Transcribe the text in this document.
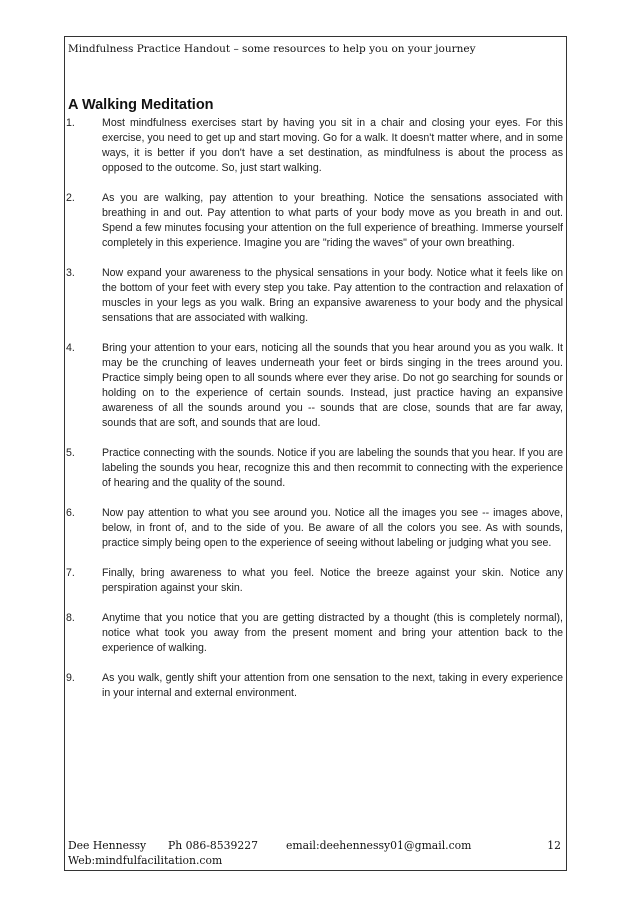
Mindfulness Practice Handout – some resources to help you on your journey
A Walking Meditation
1.	Most mindfulness exercises start by having you sit in a chair and closing your eyes. For this exercise, you need to get up and start moving. Go for a walk. It doesn't matter where, and in some ways, it is better if you don't have a set destination, as mindfulness is about the process as opposed to the outcome. So, just start walking.
2.	As you are walking, pay attention to your breathing. Notice the sensations associated with breathing in and out. Pay attention to what parts of your body move as you breath in and out. Spend a few minutes focusing your attention on the full experience of breathing. Immerse yourself completely in this experience. Imagine you are "riding the waves" of your own breathing.
3.	Now expand your awareness to the physical sensations in your body. Notice what it feels like on the bottom of your feet with every step you take. Pay attention to the contraction and relaxation of muscles in your legs as you walk. Bring an expansive awareness to your body and the physical sensations that are associated with walking.
4.	Bring your attention to your ears, noticing all the sounds that you hear around you as you walk. It may be the crunching of leaves underneath your feet or birds singing in the trees around you. Practice simply being open to all sounds where ever they arise. Do not go searching for sounds or holding on to the experience of certain sounds. Instead, just practice having an expansive awareness of all the sounds around you -- sounds that are close, sounds that are far away, sounds that are soft, and sounds that are loud.
5.	Practice connecting with the sounds. Notice if you are labeling the sounds that you hear. If you are labeling the sounds you hear, recognize this and then recommit to connecting with the experience of hearing and the quality of the sound.
6.	Now pay attention to what you see around you. Notice all the images you see -- images above, below, in front of, and to the side of you. Be aware of all the colors you see. As with sounds, practice simply being open to the experience of seeing without labeling or judging what you see.
7.	Finally, bring awareness to what you feel. Notice the breeze against your skin. Notice any perspiration against your skin.
8.	Anytime that you notice that you are getting distracted by a thought (this is completely normal), notice what took you away from the present moment and bring your attention back to the experience of walking.
9.	As you walk, gently shift your attention from one sensation to the next, taking in every experience in your internal and external environment.
Dee Hennessy	Ph 086-8539227	email:deehennessy01@gmail.com	12
Web:mindfulfacilitation.com
